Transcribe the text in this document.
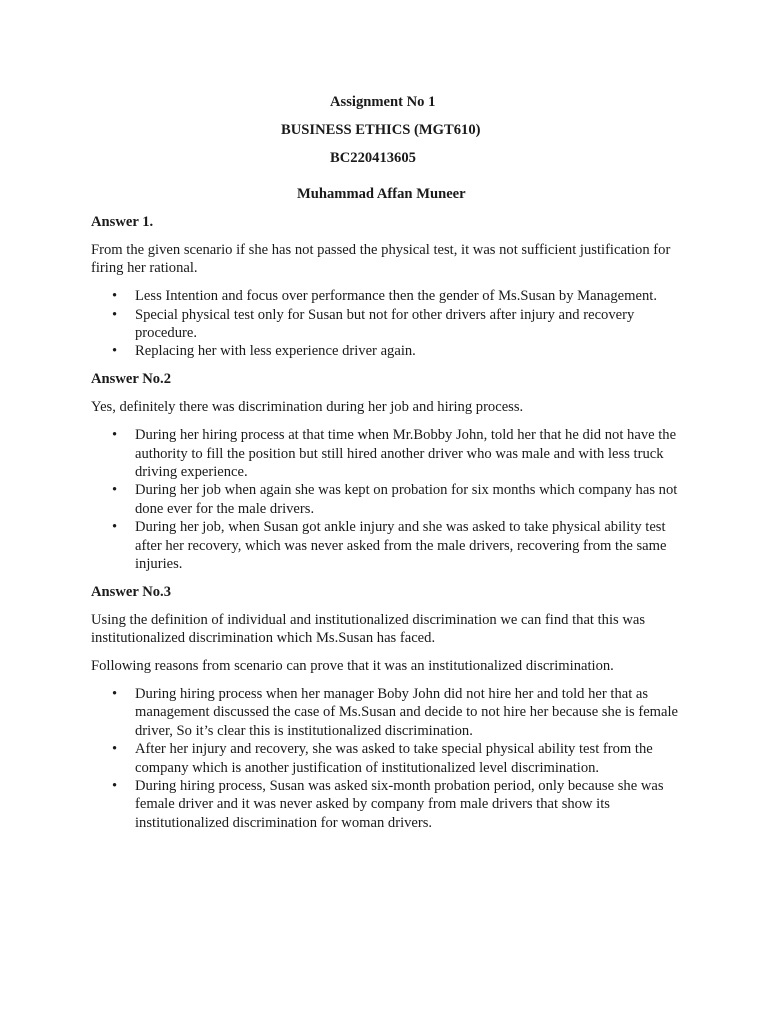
Assignment No 1
BUSINESS ETHICS (MGT610)
BC220413605
Muhammad Affan Muneer
Answer 1.
From the given scenario if she has not passed the physical test, it was not sufficient justification for firing her rational.
• Less Intention and focus over performance then the gender of Ms.Susan by Management.
• Special physical test only for Susan but not for other drivers after injury and recovery procedure.
• Replacing her with less experience driver again.
Answer No.2
Yes, definitely there was discrimination during her job and hiring process.
• During her hiring process at that time when Mr.Bobby John, told her that he did not have the authority to fill the position but still hired another driver who was male and with less truck driving experience.
• During her job when again she was kept on probation for six months which company has not done ever for the male drivers.
• During her job, when Susan got ankle injury and she was asked to take physical ability test after her recovery, which was never asked from the male drivers, recovering from the same injuries.
Answer No.3
Using the definition of individual and institutionalized discrimination we can find that this was institutionalized discrimination which Ms.Susan has faced.
Following reasons from scenario can prove that it was an institutionalized discrimination.
• During hiring process when her manager Boby John did not hire her and told her that as management discussed the case of Ms.Susan and decide to not hire her because she is female driver, So it’s clear this is institutionalized discrimination.
• After her injury and recovery, she was asked to take special physical ability test from the company which is another justification of institutionalized level discrimination.
• During hiring process, Susan was asked six-month probation period, only because she was female driver and it was never asked by company from male drivers that show its institutionalized discrimination for woman drivers.
